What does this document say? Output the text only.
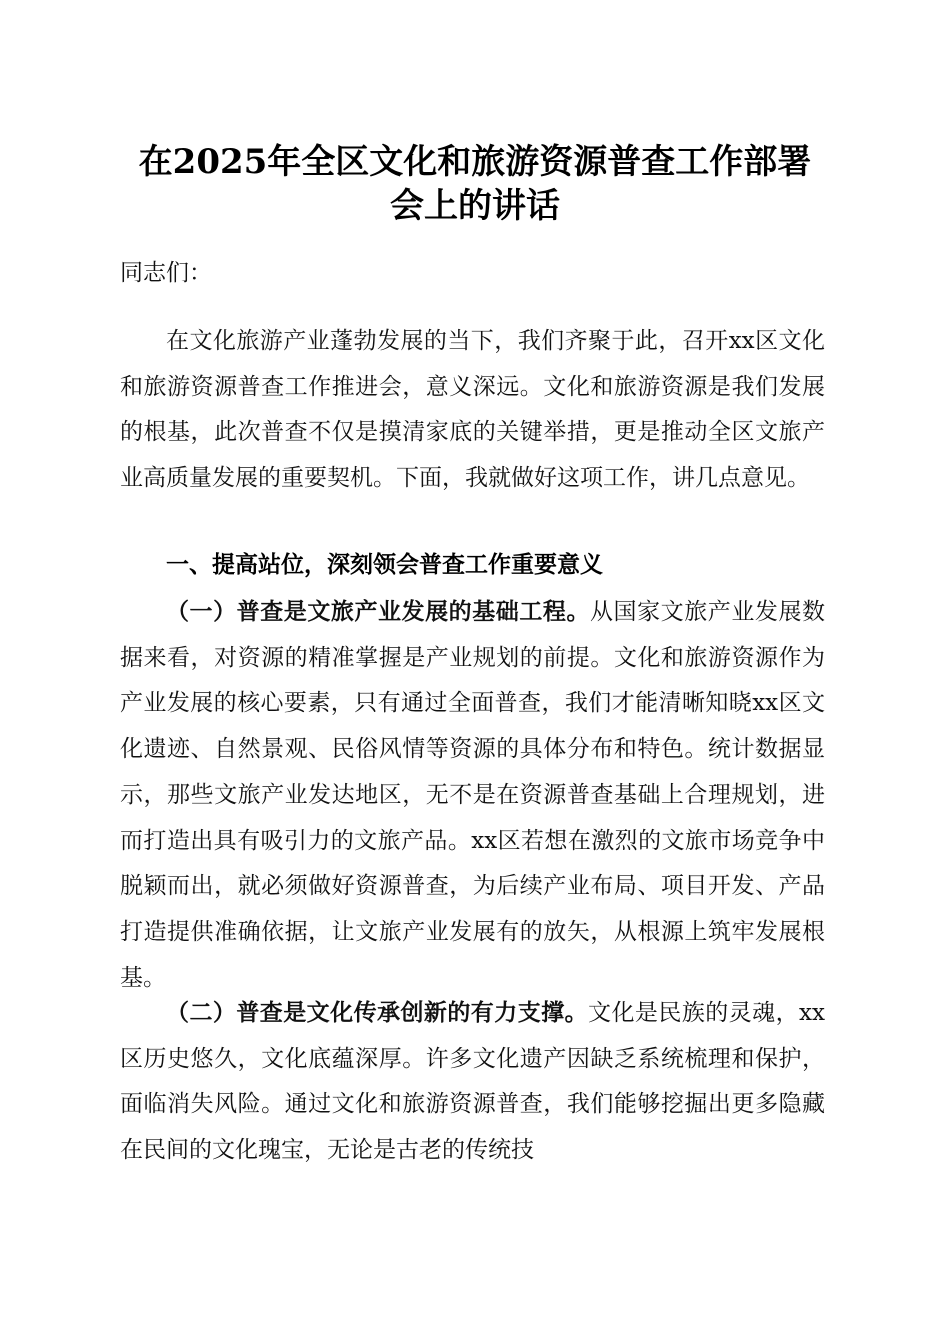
在2025年全区文化和旅游资源普查工作部署
会上的讲话
同志们：
在文化旅游产业蓬勃发展的当下，我们齐聚于此，召开xx区文化和旅游资源普查工作推进会，意义深远。文化和旅游资源是我们发展的根基，此次普查不仅是摸清家底的关键举措，更是推动全区文旅产业高质量发展的重要契机。下面，我就做好这项工作，讲几点意见。
一、提高站位，深刻领会普查工作重要意义
（一）普查是文旅产业发展的基础工程。从国家文旅产业发展数据来看，对资源的精准掌握是产业规划的前提。文化和旅游资源作为产业发展的核心要素，只有通过全面普查，我们才能清晰知晓xx区文化遗迹、自然景观、民俗风情等资源的具体分布和特色。统计数据显示，那些文旅产业发达地区，无不是在资源普查基础上合理规划，进而打造出具有吸引力的文旅产品。xx区若想在激烈的文旅市场竞争中脱颖而出，就必须做好资源普查，为后续产业布局、项目开发、产品打造提供准确依据，让文旅产业发展有的放矢，从根源上筑牢发展根基。
（二）普查是文化传承创新的有力支撑。文化是民族的灵魂，xx区历史悠久，文化底蕴深厚。许多文化遗产因缺乏系统梳理和保护，面临消失风险。通过文化和旅游资源普查，我们能够挖掘出更多隐藏在民间的文化瑰宝，无论是古老的传统技
